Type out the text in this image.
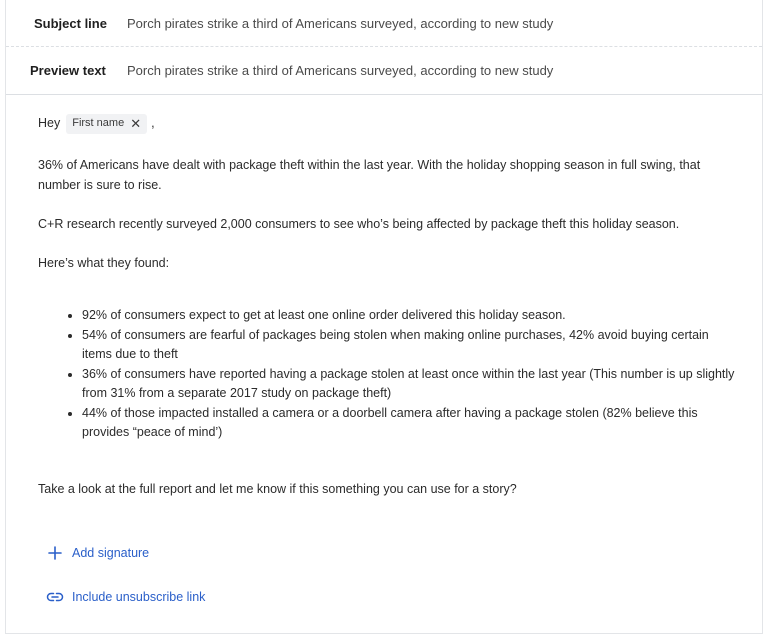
Subject line	Porch pirates strike a third of Americans surveyed, according to new study
Preview text	Porch pirates strike a third of Americans surveyed, according to new study
Hey First name ✕ ,

36% of Americans have dealt with package theft within the last year. With the holiday shopping season in full swing, that number is sure to rise.

C+R research recently surveyed 2,000 consumers to see who’s being affected by package theft this holiday season.

Here’s what they found:

• 92% of consumers expect to get at least one online order delivered this holiday season.
• 54% of consumers are fearful of packages being stolen when making online purchases, 42% avoid buying certain items due to theft
• 36% of consumers have reported having a package stolen at least once within the last year (This number is up slightly from 31% from a separate 2017 study on package theft)
• 44% of those impacted installed a camera or a doorbell camera after having a package stolen (82% believe this provides “peace of mind’)

Take a look at the full report and let me know if this something you can use for a story?

Add signature
Include unsubscribe link
